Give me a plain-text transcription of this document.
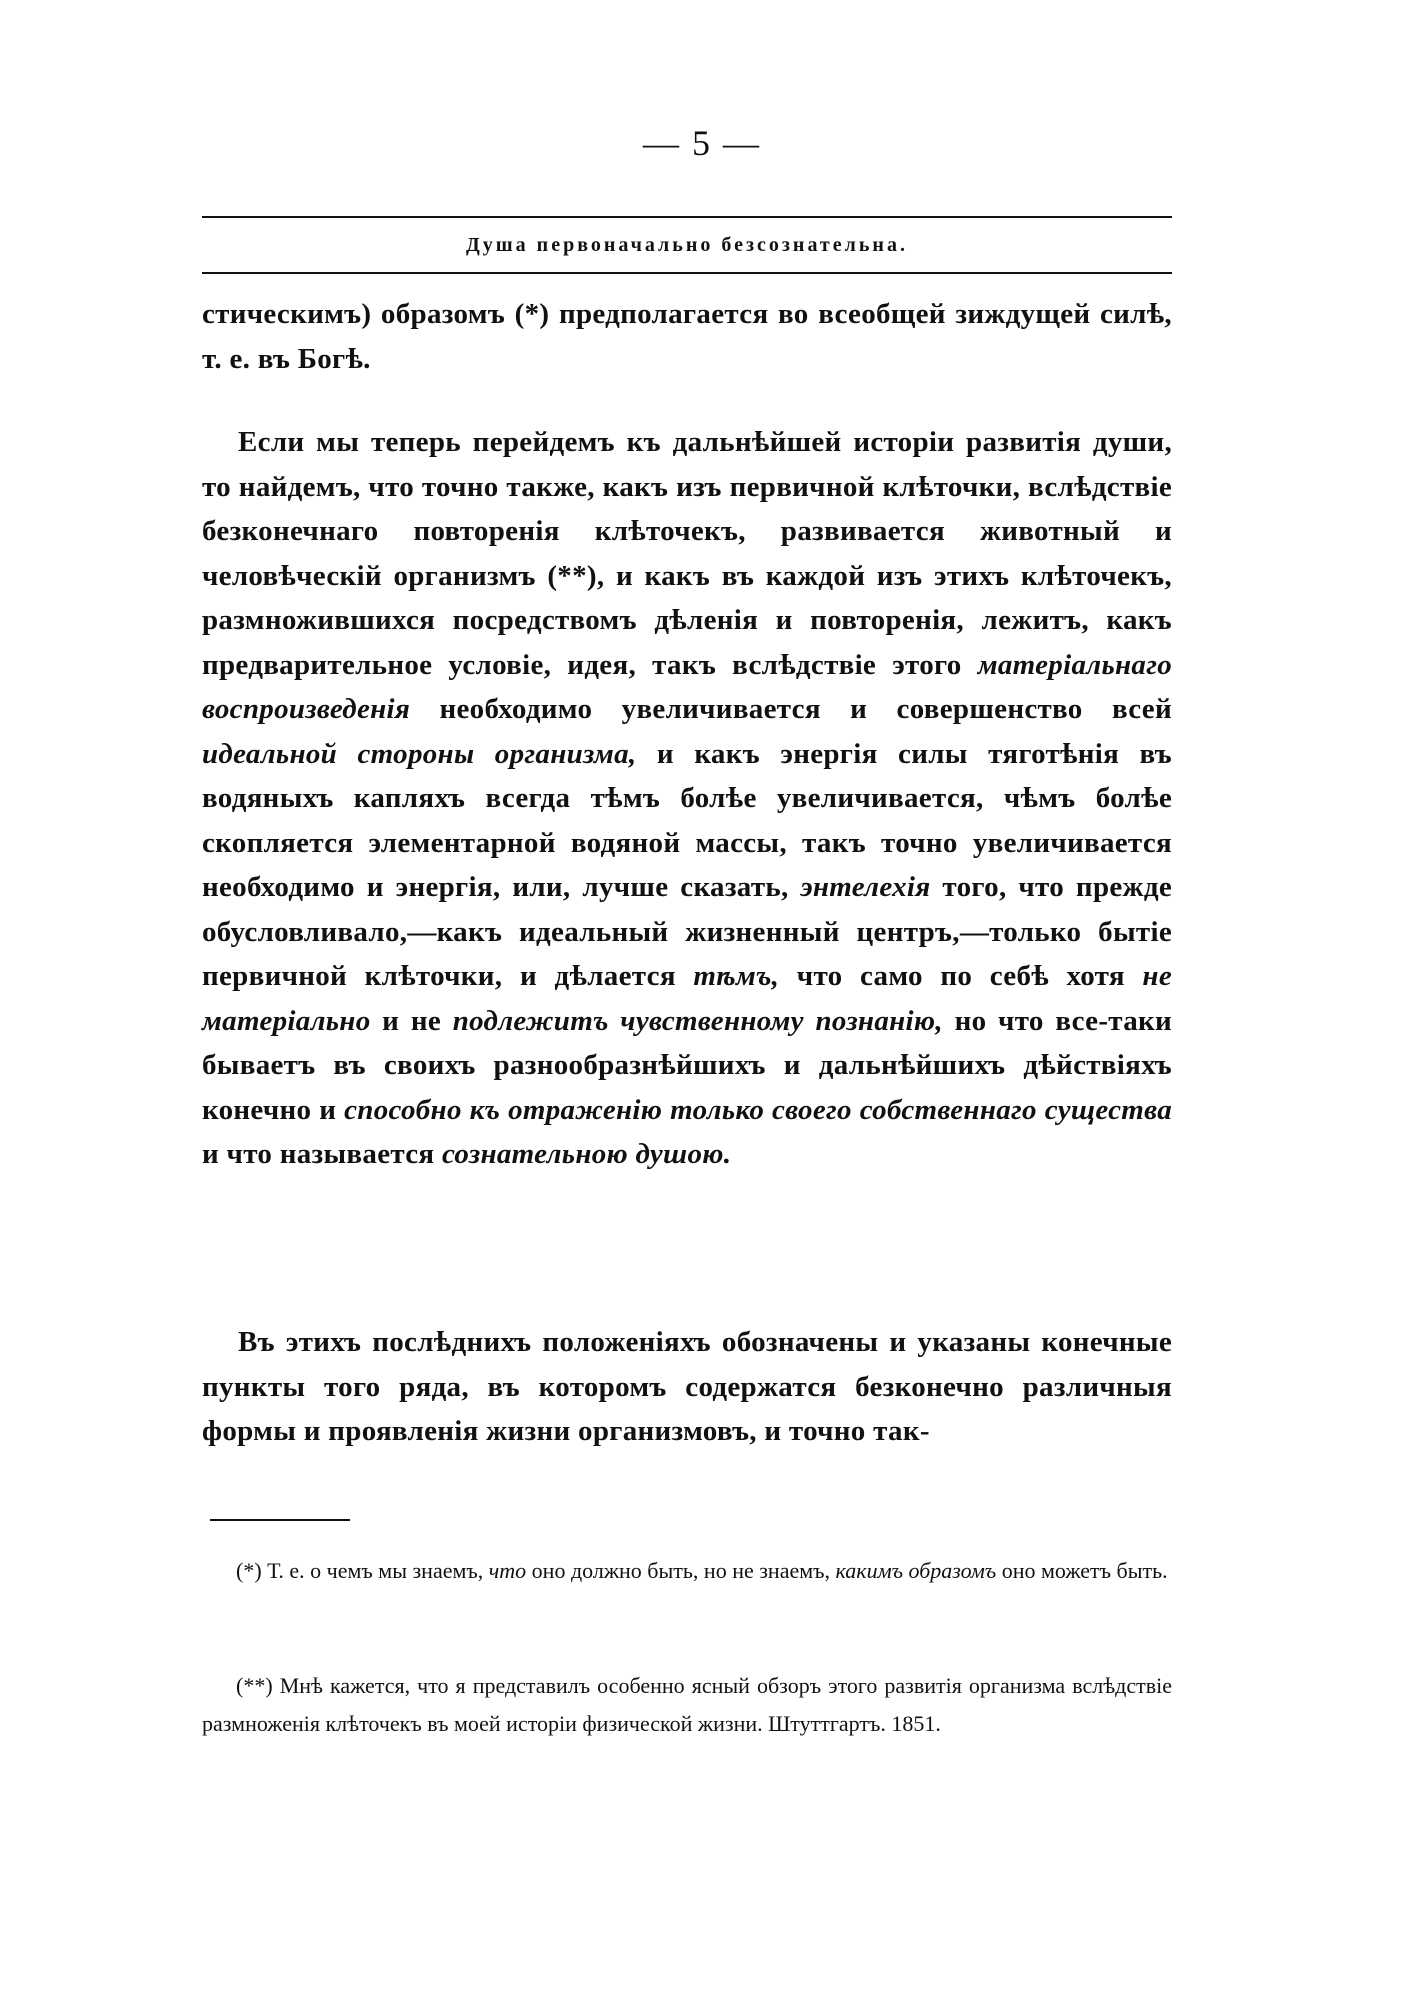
— 5 —
Душа первоначально безсознательна.

стическимъ) образомъ (*) предполагается во всеобщей зиждущей силѣ, т. е. въ Богѣ.

Если мы теперь перейдемъ къ дальнѣйшей исторіи развитія души, то найдемъ, что точно также, какъ изъ первичной клѣточки, вслѣдствіе безконечнаго повторенія клѣточекъ, развивается животный и человѣческій организмъ (**), и какъ въ каждой изъ этихъ клѣточекъ, размножившихся посредствомъ дѣленія и повторенія, лежитъ, какъ предварительное условіе, идея, такъ вслѣдствіе этого матеріальнаго воспроизведенія необходимо увеличивается и совершенство всей идеальной стороны организма, и какъ энергія силы тяготѣнія въ водяныхъ капляхъ всегда тѣмъ болѣе увеличивается, чѣмъ болѣе скопляется элементарной водяной массы, такъ точно увеличивается необходимо и энергія, или, лучше сказать, энтелехія того, что прежде обусловливало,—какъ идеальный жизненный центръ,—только бытіе первичной клѣточки, и дѣлается тѣмъ, что само по себѣ хотя не матеріально и не подлежитъ чувственному познанію, но что все-таки бываетъ въ своихъ разнообразнѣйшихъ и дальнѣйшихъ дѣйствіяхъ конечно и способно къ отраженію только своего собственнаго существа и что называется сознательною душою.

Въ этихъ послѣднихъ положеніяхъ обозначены и указаны конечные пункты того ряда, въ которомъ содержатся безконечно различныя формы и проявленія жизни организмовъ, и точно так-

(*) Т. е. о чемъ мы знаемъ, что оно должно быть, но не знаемъ, какимъ образомъ оно можетъ быть.
(**) Мнѣ кажется, что я представилъ особенно ясный обзоръ этого развитія организма вслѣдствіе размноженія клѣточекъ въ моей исторіи физической жизни. Штуттгартъ. 1851.
